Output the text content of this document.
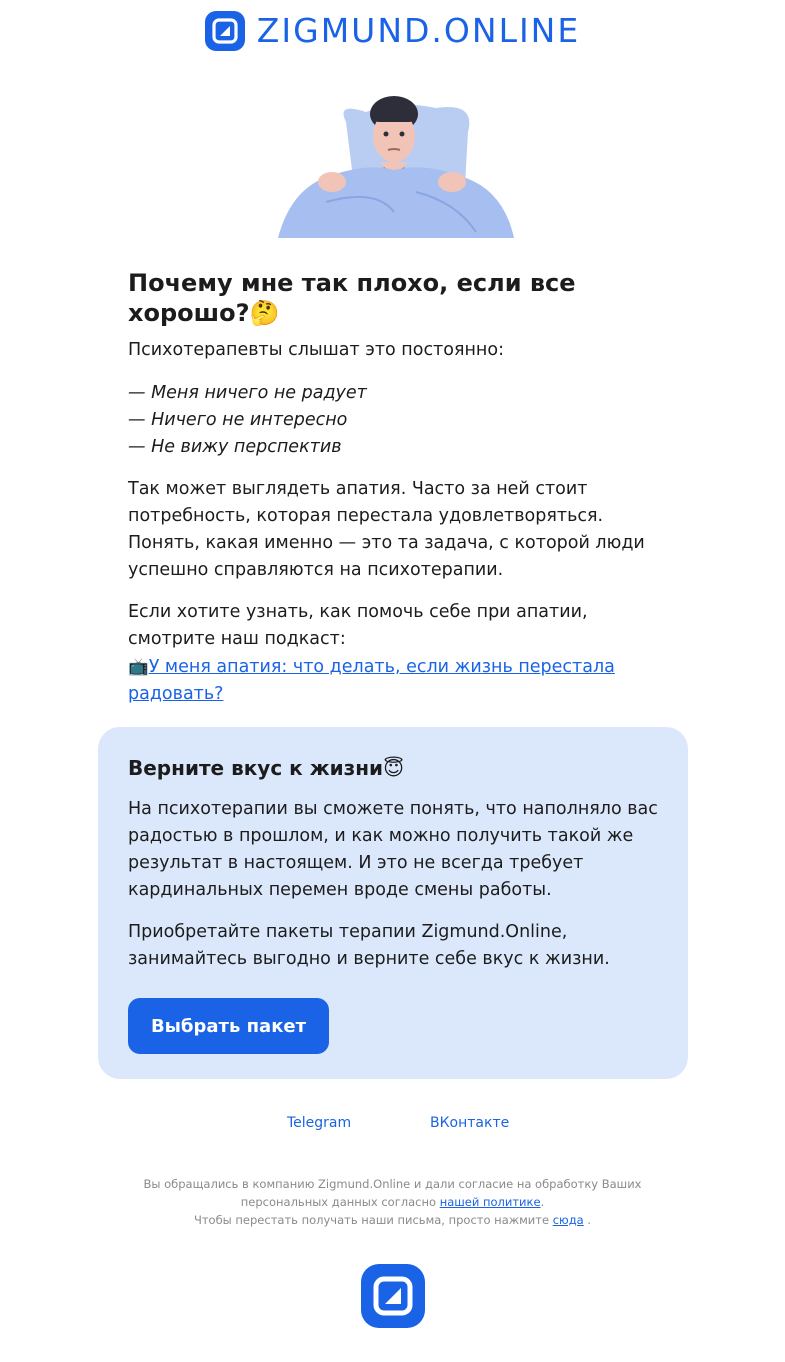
ZIGMUND.ONLINE
Почему мне так плохо, если все хорошо?🤔

Психотерапевты слышат это постоянно:

— Меня ничего не радует
— Ничего не интересно
— Не вижу перспектив

Так может выглядеть апатия. Часто за ней стоит потребность, которая перестала удовлетворяться. Понять, какая именно — это та задача, с которой люди успешно справляются на психотерапии.

Если хотите узнать, как помочь себе при апатии, смотрите наш подкаст:
📺У меня апатия: что делать, если жизнь перестала радовать?
Верните вкус к жизни😇

На психотерапии вы сможете понять, что наполняло вас радостью в прошлом, и как можно получить такой же результат в настоящем. И это не всегда требует кардинальных перемен вроде смены работы.

Приобретайте пакеты терапии Zigmund.Online, занимайтесь выгодно и верните себе вкус к жизни.

Выбрать пакет
Telegram	ВКонтакте
Вы обращались в компанию Zigmund.Online и дали согласие на обработку Ваших персональных данных согласно нашей политике.
Чтобы перестать получать наши письма, просто нажмите сюда .
